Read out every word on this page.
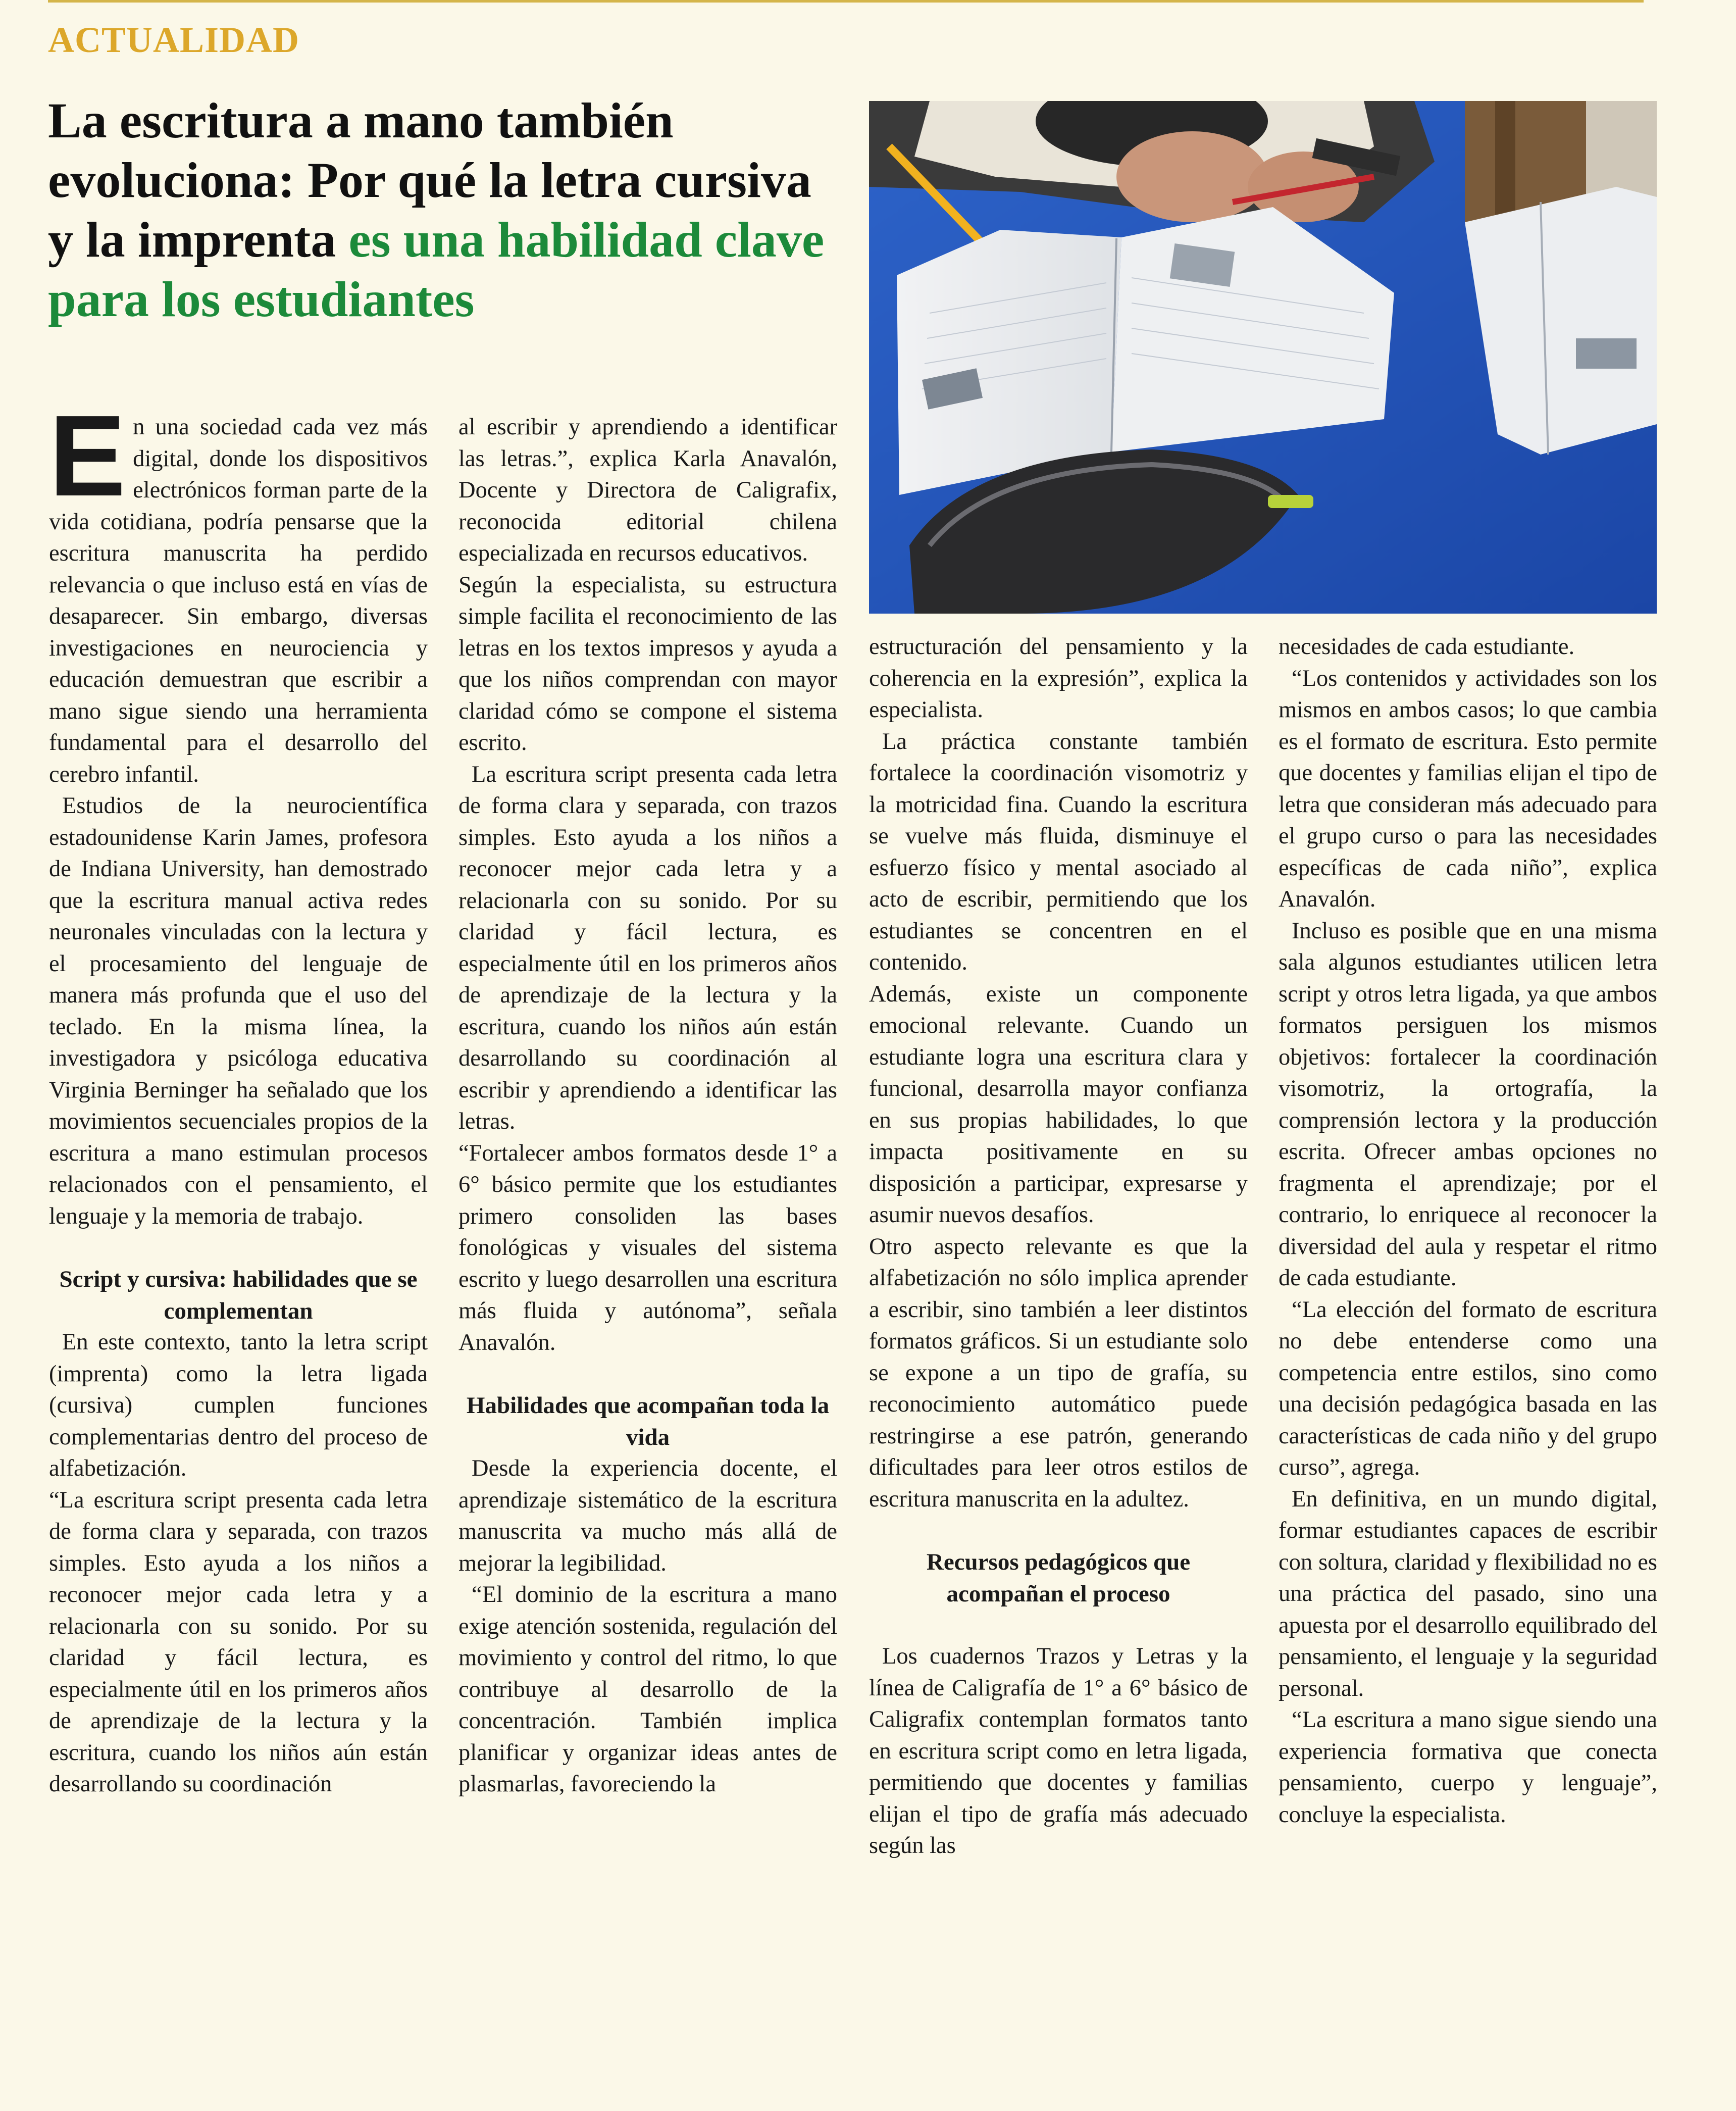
ACTUALIDAD
La escritura a mano también evoluciona: Por qué la letra cursiva y la imprenta es una habilidad clave para los estudiantes

En una sociedad cada vez más digital, donde los dispositivos electrónicos forman parte de la vida cotidiana, podría pensarse que la escritura manuscrita ha perdido relevancia o que incluso está en vías de desaparecer. Sin embargo, diversas investigaciones en neurociencia y educación demuestran que escribir a mano sigue siendo una herramienta fundamental para el desarrollo del cerebro infantil.

Estudios de la neurocientífica estadounidense Karin James, profesora de Indiana University, han demostrado que la escritura manual activa redes neuronales vinculadas con la lectura y el procesamiento del lenguaje de manera más profunda que el uso del teclado. En la misma línea, la investigadora y psicóloga educativa Virginia Berninger ha señalado que los movimientos secuenciales propios de la escritura a mano estimulan procesos relacionados con el pensamiento, el lenguaje y la memoria de trabajo.

Script y cursiva: habilidades que se complementan

En este contexto, tanto la letra script (imprenta) como la letra ligada (cursiva) cumplen funciones complementarias dentro del proceso de alfabetización.

“La escritura script presenta cada letra de forma clara y separada, con trazos simples. Esto ayuda a los niños a reconocer mejor cada letra y a relacionarla con su sonido. Por su claridad y fácil lectura, es especialmente útil en los primeros años de aprendizaje de la lectura y la escritura, cuando los niños aún están desarrollando su coordinación

al escribir y aprendiendo a identificar las letras.”, explica Karla Anavalón, Docente y Directora de Caligrafix, reconocida editorial chilena especializada en recursos educativos.

Según la especialista, su estructura simple facilita el reconocimiento de las letras en los textos impresos y ayuda a que los niños comprendan con mayor claridad cómo se compone el sistema escrito.

La escritura script presenta cada letra de forma clara y separada, con trazos simples. Esto ayuda a los niños a reconocer mejor cada letra y a relacionarla con su sonido. Por su claridad y fácil lectura, es especialmente útil en los primeros años de aprendizaje de la lectura y la escritura, cuando los niños aún están desarrollando su coordinación al escribir y aprendiendo a identificar las letras.

“Fortalecer ambos formatos desde 1° a 6° básico permite que los estudiantes primero consoliden las bases fonológicas y visuales del sistema escrito y luego desarrollen una escritura más fluida y autónoma”, señala Anavalón.

Habilidades que acompañan toda la vida

Desde la experiencia docente, el aprendizaje sistemático de la escritura manuscrita va mucho más allá de mejorar la legibilidad.

“El dominio de la escritura a mano exige atención sostenida, regulación del movimiento y control del ritmo, lo que contribuye al desarrollo de la concentración. También implica planificar y organizar ideas antes de plasmarlas, favoreciendo la

estructuración del pensamiento y la coherencia en la expresión”, explica la especialista.

La práctica constante también fortalece la coordinación visomotriz y la motricidad fina. Cuando la escritura se vuelve más fluida, disminuye el esfuerzo físico y mental asociado al acto de escribir, permitiendo que los estudiantes se concentren en el contenido.

Además, existe un componente emocional relevante. Cuando un estudiante logra una escritura clara y funcional, desarrolla mayor confianza en sus propias habilidades, lo que impacta positivamente en su disposición a participar, expresarse y asumir nuevos desafíos.

Otro aspecto relevante es que la alfabetización no sólo implica aprender a escribir, sino también a leer distintos formatos gráficos. Si un estudiante solo se expone a un tipo de grafía, su reconocimiento automático puede restringirse a ese patrón, generando dificultades para leer otros estilos de escritura manuscrita en la adultez.

Recursos pedagógicos que acompañan el proceso

Los cuadernos Trazos y Letras y la línea de Caligrafía de 1° a 6° básico de Caligrafix contemplan formatos tanto en escritura script como en letra ligada, permitiendo que docentes y familias elijan el tipo de grafía más adecuado según las

necesidades de cada estudiante.

“Los contenidos y actividades son los mismos en ambos casos; lo que cambia es el formato de escritura. Esto permite que docentes y familias elijan el tipo de letra que consideran más adecuado para el grupo curso o para las necesidades específicas de cada niño”, explica Anavalón.

Incluso es posible que en una misma sala algunos estudiantes utilicen letra script y otros letra ligada, ya que ambos formatos persiguen los mismos objetivos: fortalecer la coordinación visomotriz, la ortografía, la comprensión lectora y la producción escrita. Ofrecer ambas opciones no fragmenta el aprendizaje; por el contrario, lo enriquece al reconocer la diversidad del aula y respetar el ritmo de cada estudiante.

“La elección del formato de escritura no debe entenderse como una competencia entre estilos, sino como una decisión pedagógica basada en las características de cada niño y del grupo curso”, agrega.

En definitiva, en un mundo digital, formar estudiantes capaces de escribir con soltura, claridad y flexibilidad no es una práctica del pasado, sino una apuesta por el desarrollo equilibrado del pensamiento, el lenguaje y la seguridad personal.

“La escritura a mano sigue siendo una experiencia formativa que conecta pensamiento, cuerpo y lenguaje”, concluye la especialista.
